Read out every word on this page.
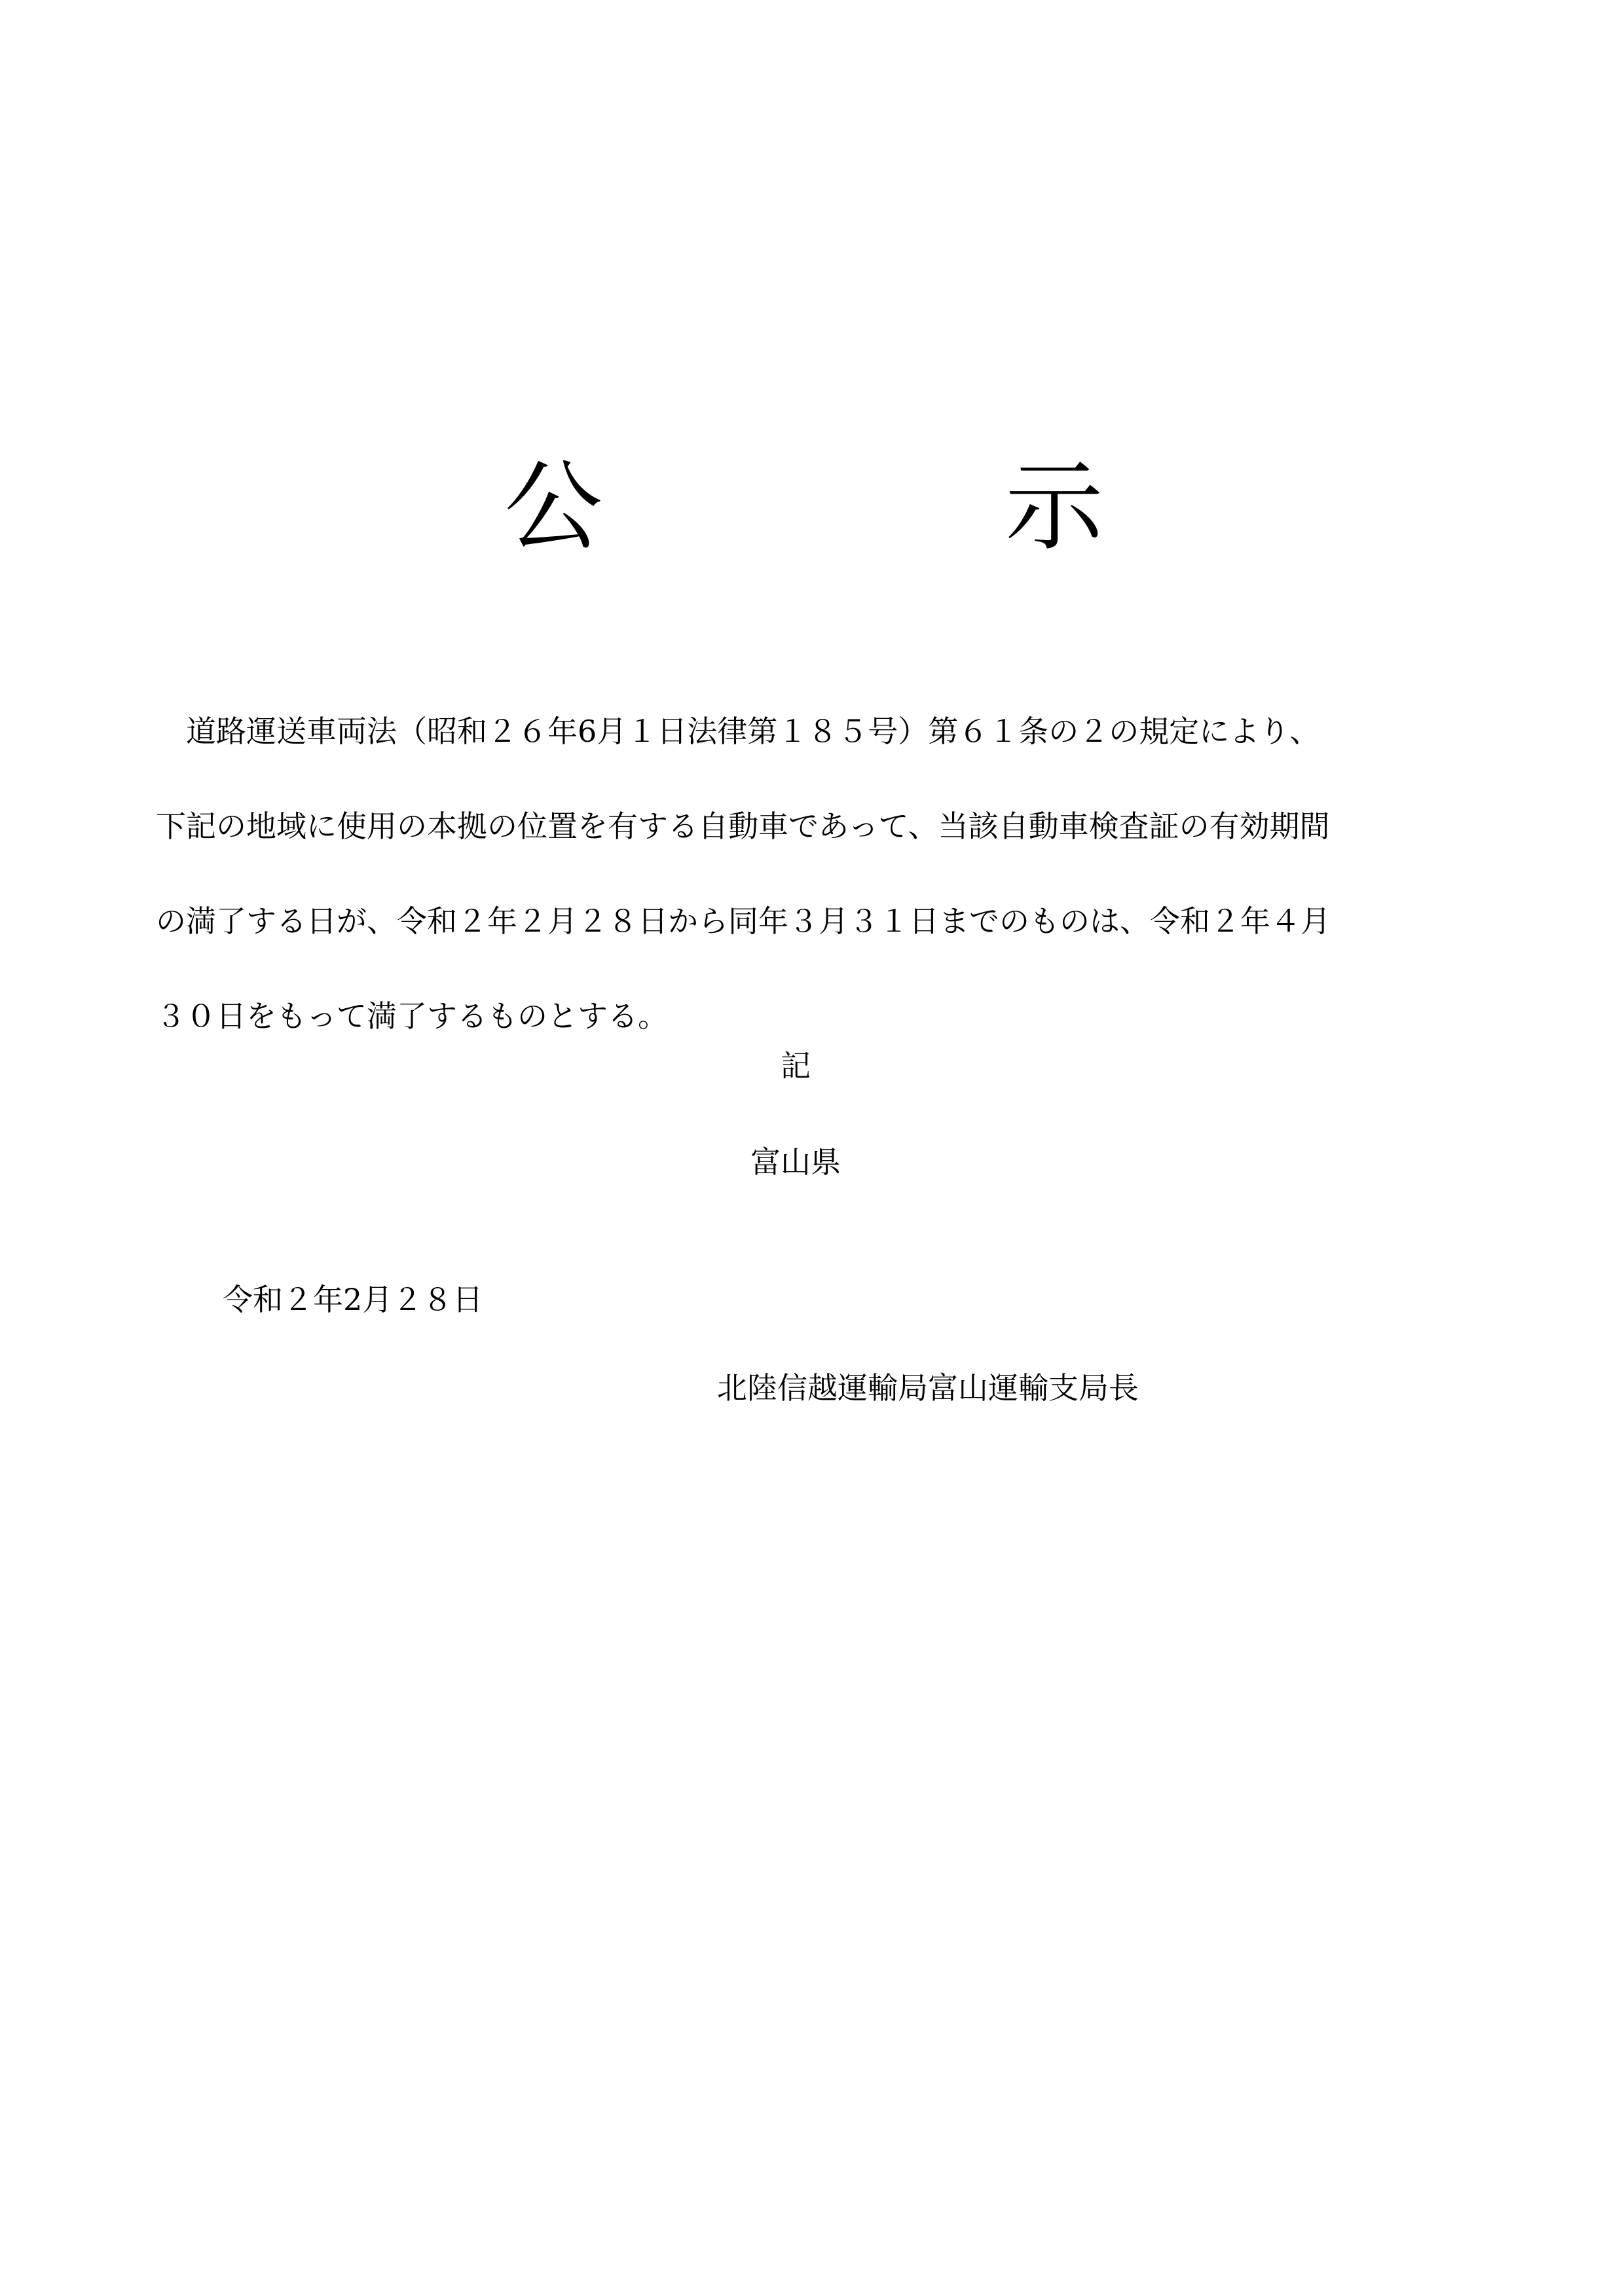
公	示
　道路運送車両法（昭和２６年6月１日法律第１８５号）第６１条の２の規定により、
下記の地域に使用の本拠の位置を有する自動車であって、当該自動車検査証の有効期間
の満了する日が、令和２年２月２８日から同年３月３１日までのものは、令和２年４月
３０日をもって満了するものとする。
記
富山県
令和２年2月２８日
北陸信越運輸局富山運輸支局長
